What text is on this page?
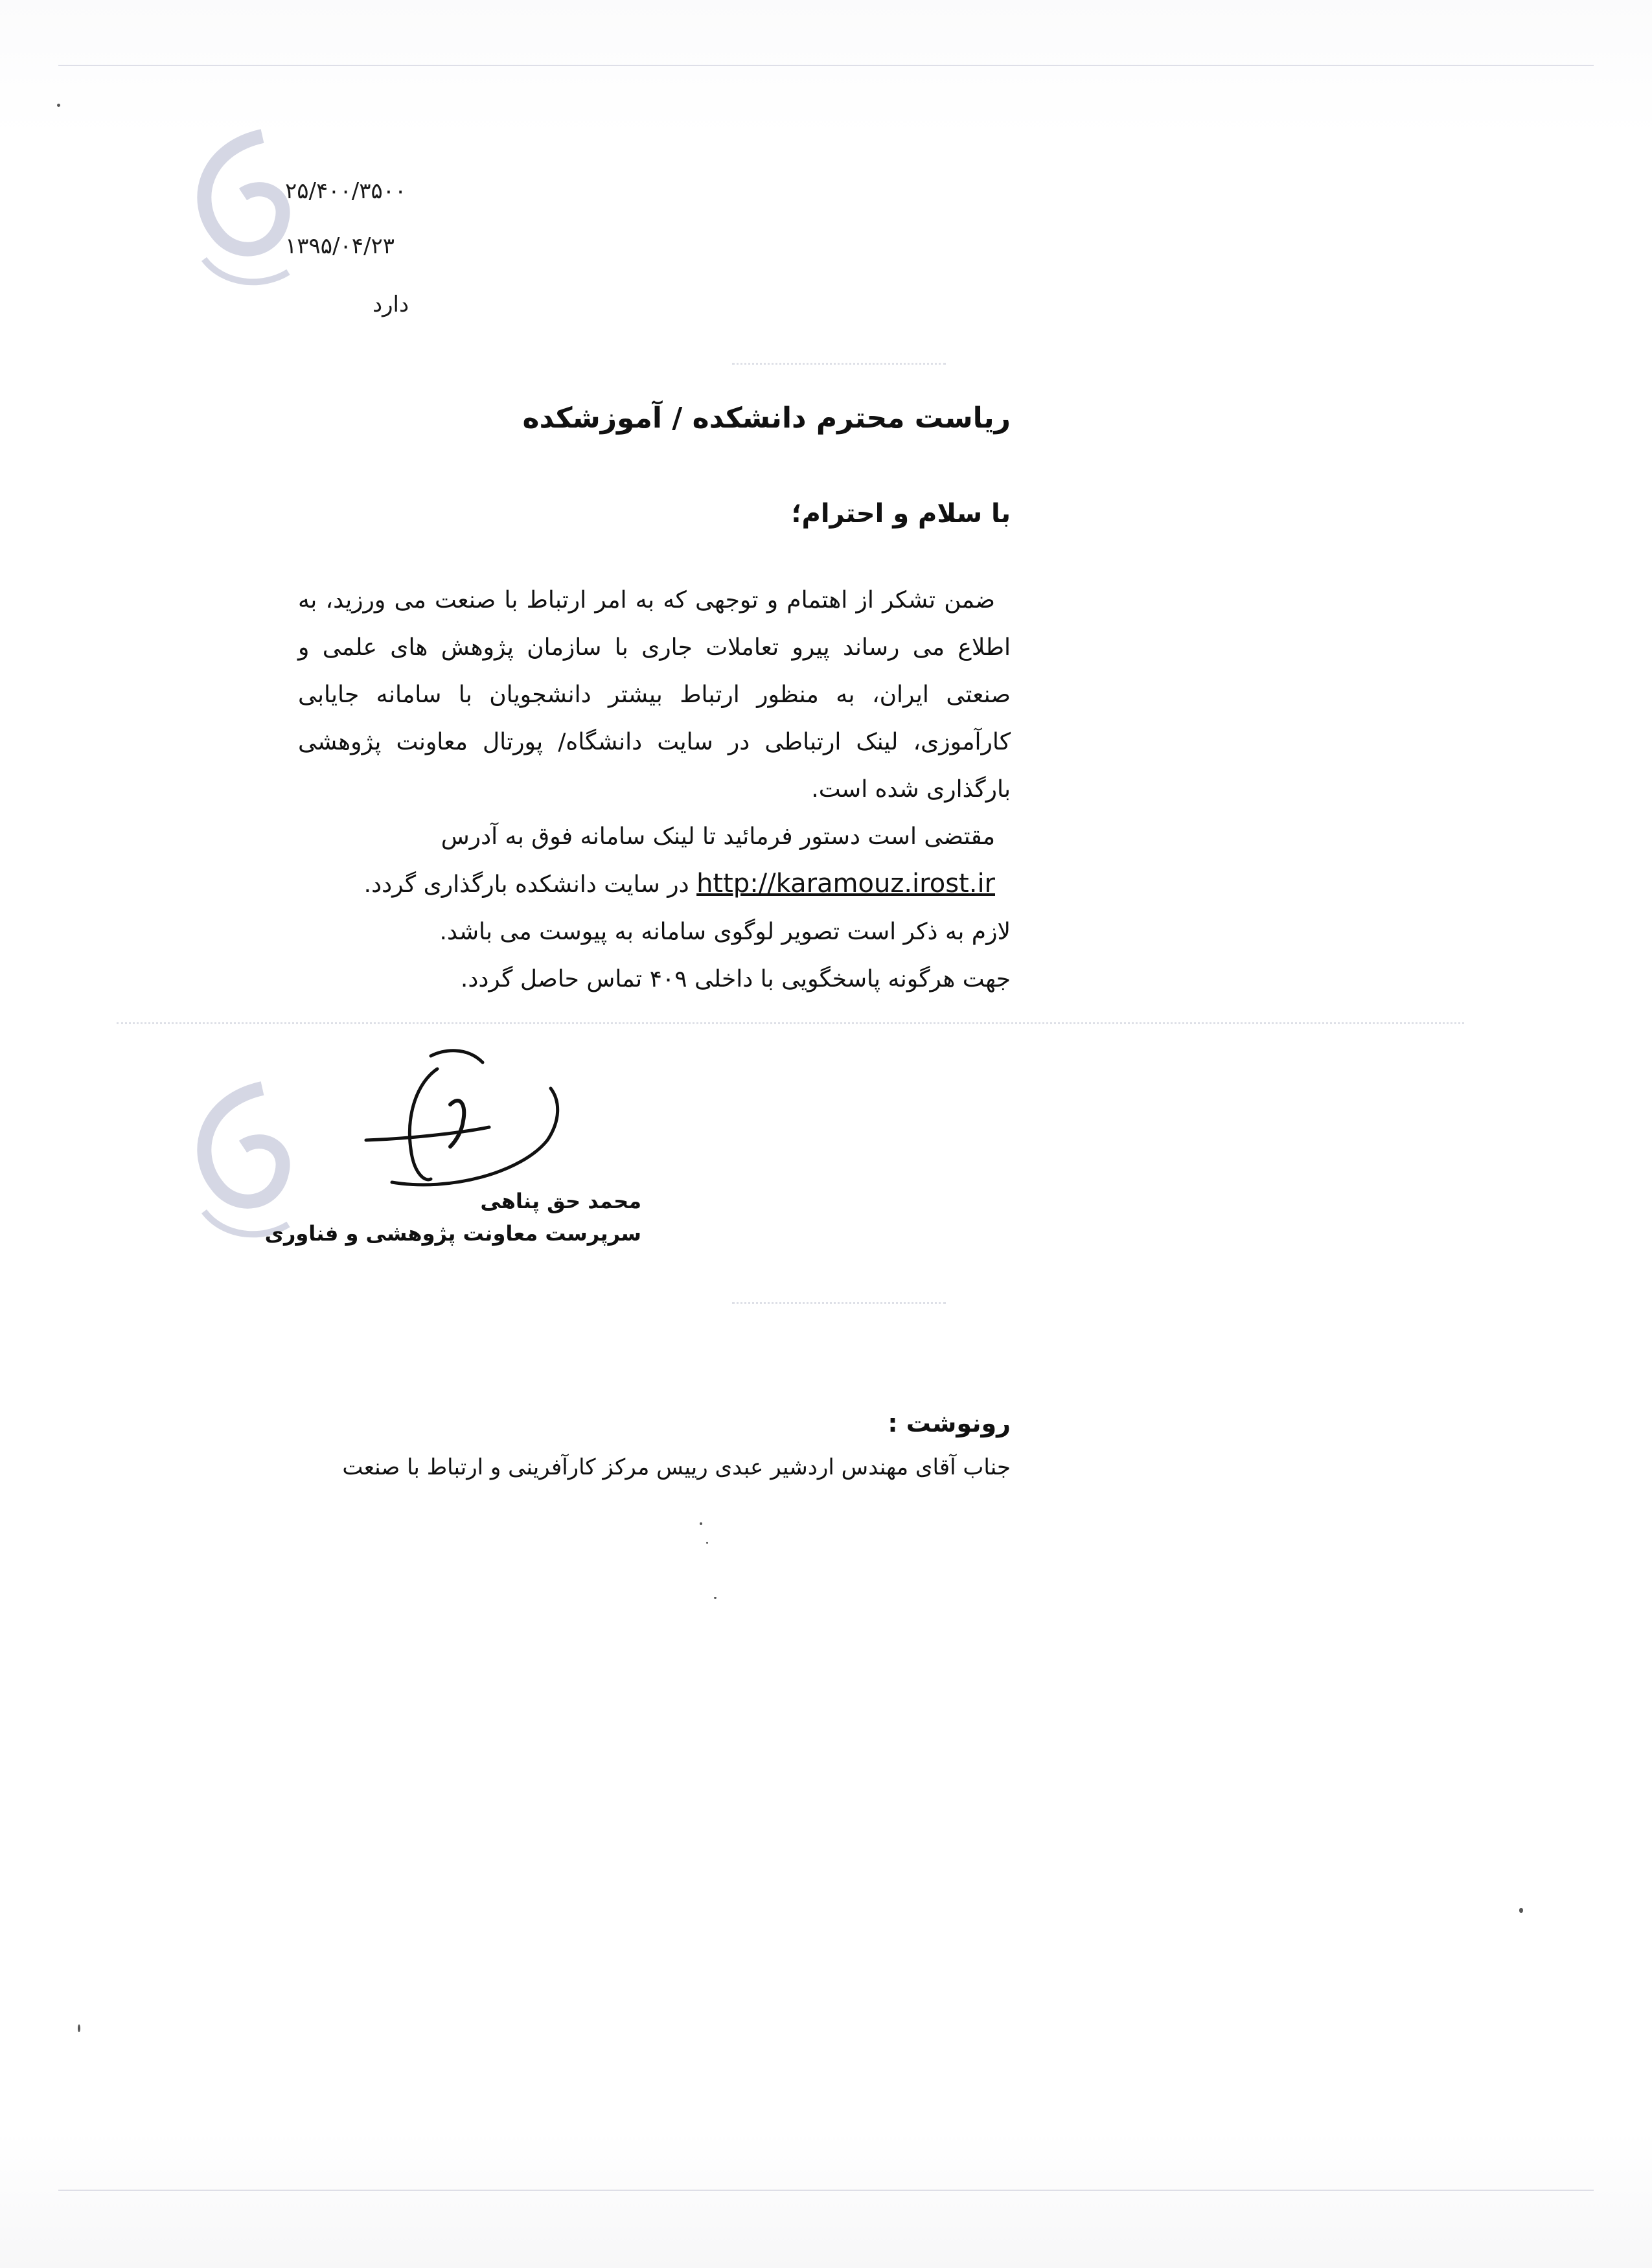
۲۵/۴۰۰/۳۵۰۰
۱۳۹۵/۰۴/۲۳
دارد
ریاست محترم دانشکده / آموزشکده
با سلام و احترام؛

ضمن تشکر از اهتمام و توجهی که به امر ارتباط با صنعت می ورزید، به اطلاع می رساند پیرو تعاملات جاری با سازمان پژوهش های علمی و صنعتی ایران، به منظور ارتباط بیشتر دانشجویان با سامانه جایابی کارآموزی، لینک ارتباطی در سایت دانشگاه/ پورتال معاونت پژوهشی بارگذاری شده است.

مقتضی است دستور فرمائید تا لینک سامانه فوق به آدرس
http://karamouz.irost.ir در سایت دانشکده بارگذاری گردد.

لازم به ذکر است تصویر لوگوی سامانه به پیوست می باشد.

جهت هرگونه پاسخگویی با داخلی ۴۰۹ تماس حاصل گردد.

محمد حق پناهی
سرپرست معاونت پژوهشی و فناوری
رونوشت :
جناب آقای مهندس اردشیر عبدی رییس مرکز کارآفرینی و ارتباط با صنعت
